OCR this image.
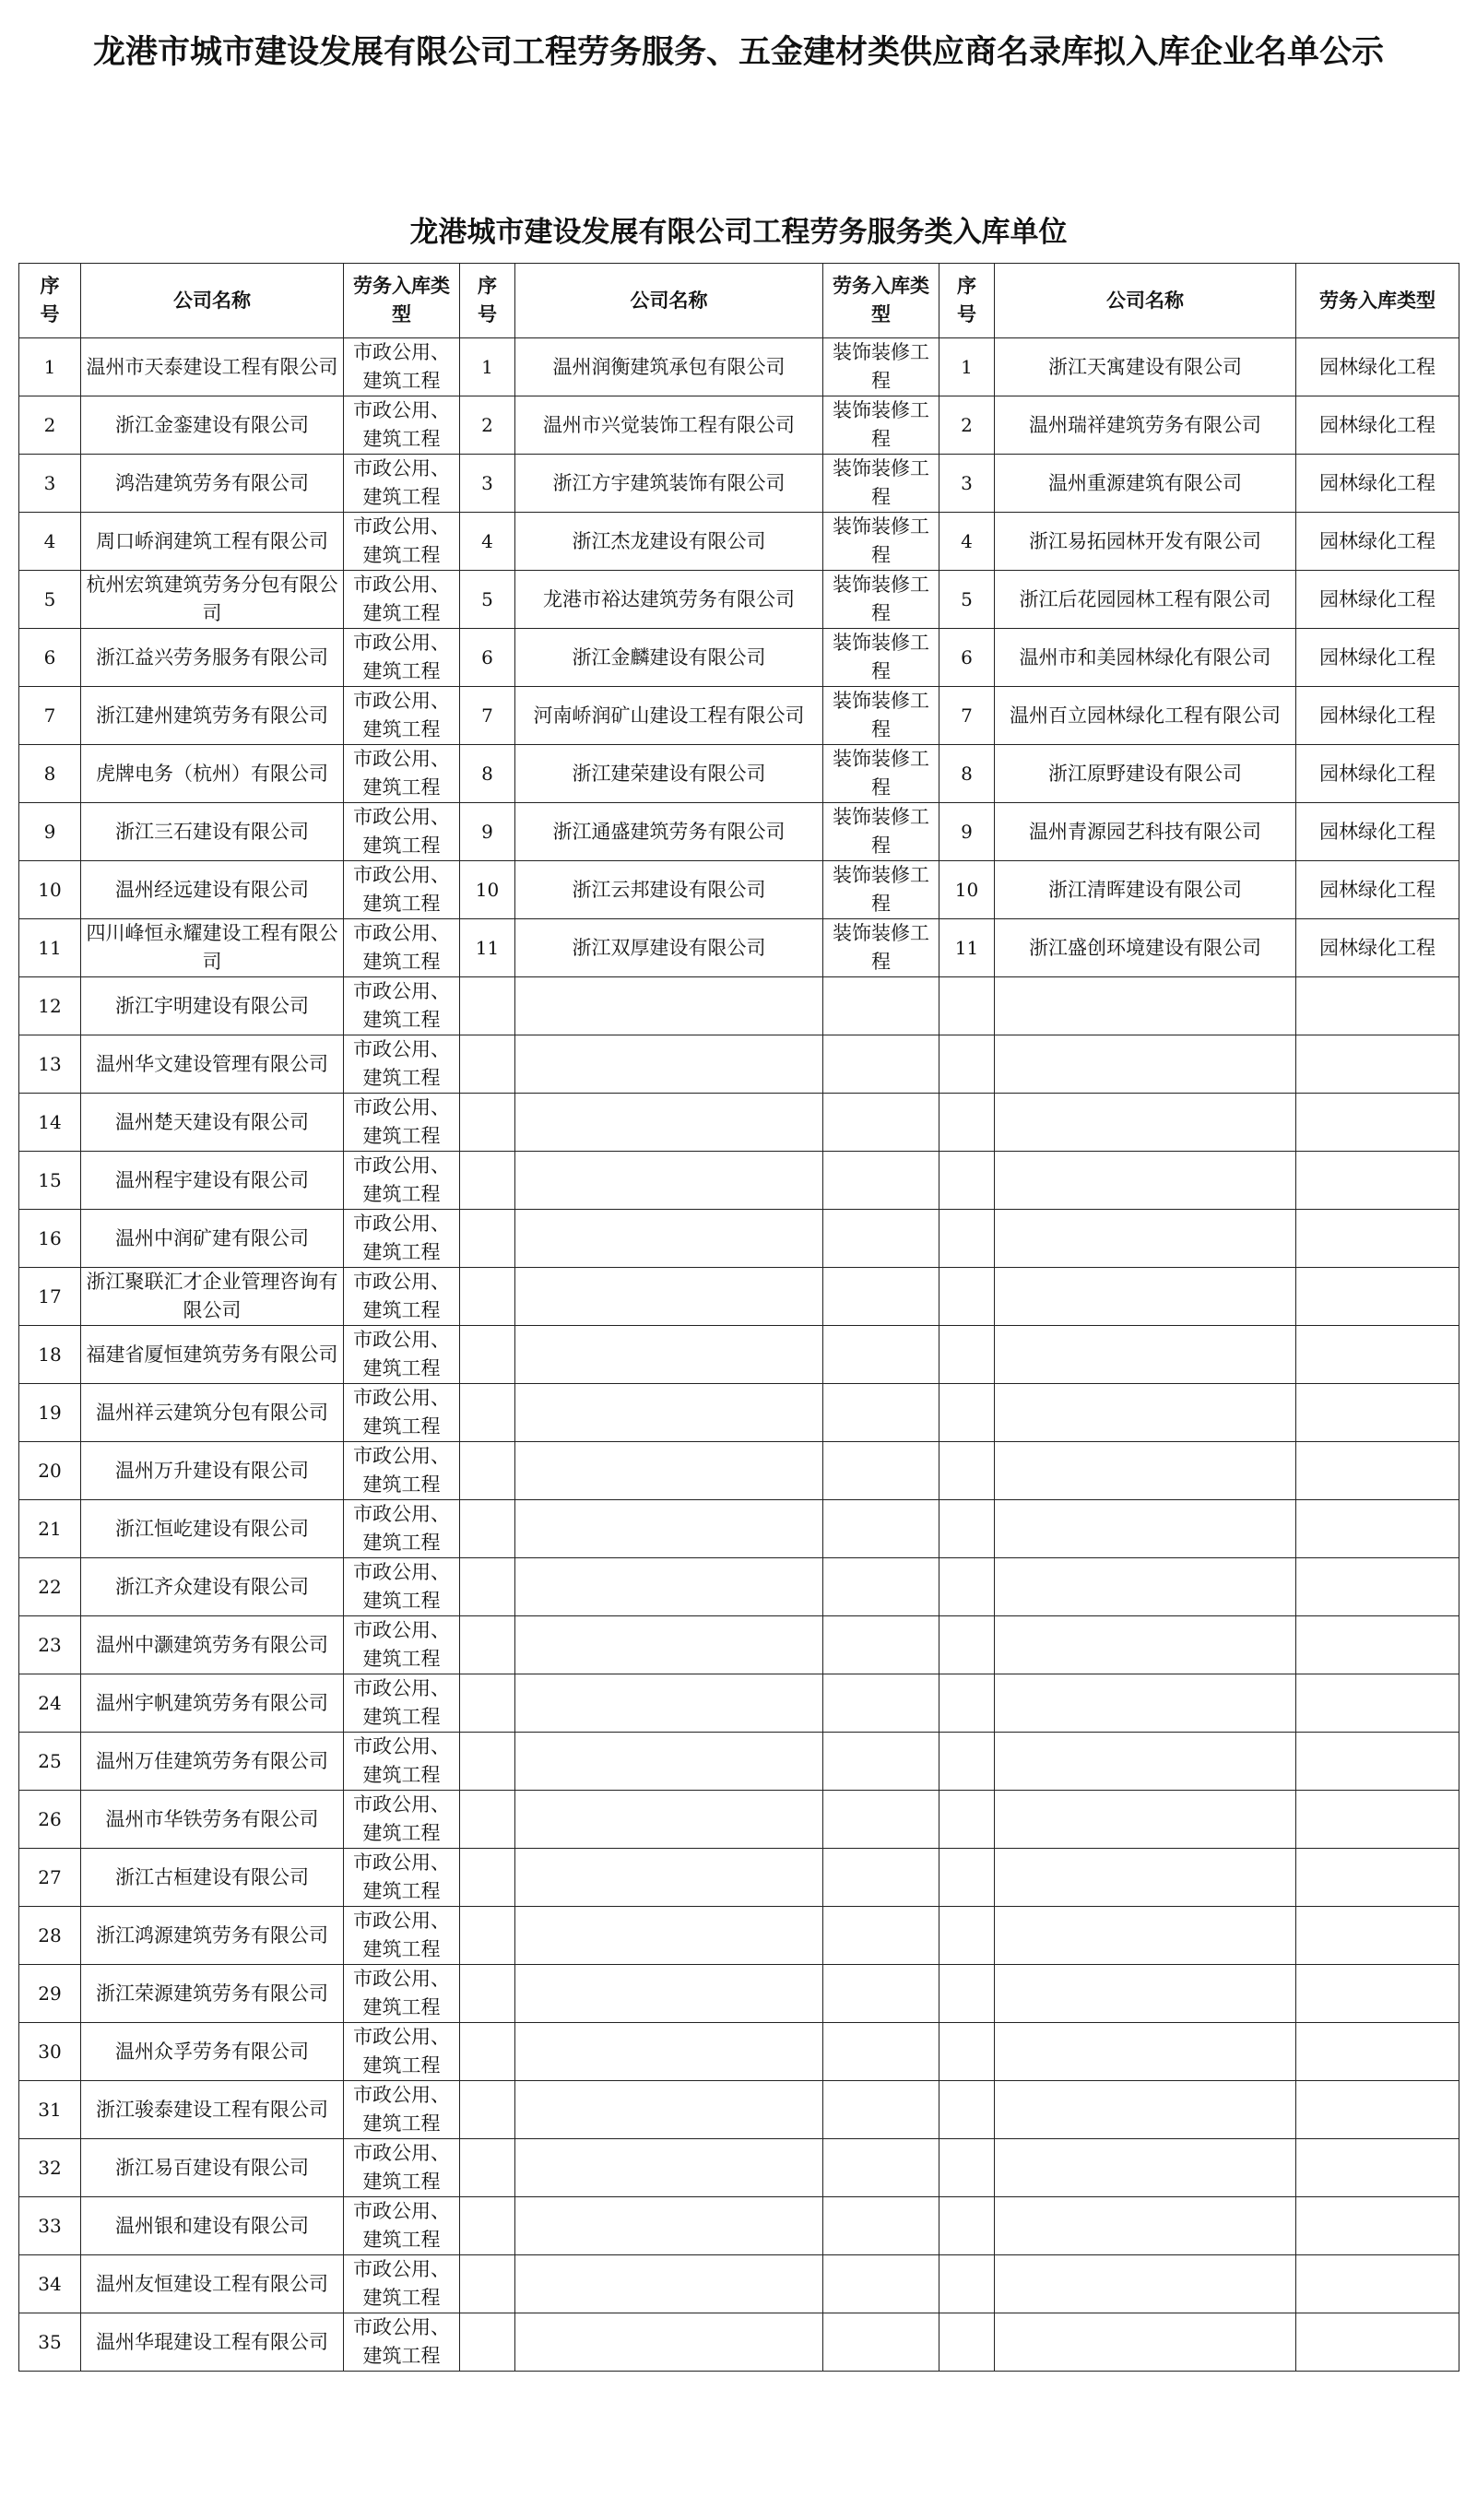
龙港市城市建设发展有限公司工程劳务服务、五金建材类供应商名录库拟入库企业名单公示
龙港城市建设发展有限公司工程劳务服务类入库单位
序号	公司名称	劳务入库类型	序号	公司名称	劳务入库类型	序号	公司名称	劳务入库类型
1	温州市天泰建设工程有限公司	市政公用、建筑工程	1	温州润衡建筑承包有限公司	装饰装修工程	1	浙江天寓建设有限公司	园林绿化工程
2	浙江金銮建设有限公司	市政公用、建筑工程	2	温州市兴觉装饰工程有限公司	装饰装修工程	2	温州瑞祥建筑劳务有限公司	园林绿化工程
3	鸿浩建筑劳务有限公司	市政公用、建筑工程	3	浙江方宇建筑装饰有限公司	装饰装修工程	3	温州重源建筑有限公司	园林绿化工程
4	周口峤润建筑工程有限公司	市政公用、建筑工程	4	浙江杰龙建设有限公司	装饰装修工程	4	浙江易拓园林开发有限公司	园林绿化工程
5	杭州宏筑建筑劳务分包有限公司	市政公用、建筑工程	5	龙港市裕达建筑劳务有限公司	装饰装修工程	5	浙江后花园园林工程有限公司	园林绿化工程
6	浙江益兴劳务服务有限公司	市政公用、建筑工程	6	浙江金麟建设有限公司	装饰装修工程	6	温州市和美园林绿化有限公司	园林绿化工程
7	浙江建州建筑劳务有限公司	市政公用、建筑工程	7	河南峤润矿山建设工程有限公司	装饰装修工程	7	温州百立园林绿化工程有限公司	园林绿化工程
8	虎牌电务（杭州）有限公司	市政公用、建筑工程	8	浙江建荣建设有限公司	装饰装修工程	8	浙江原野建设有限公司	园林绿化工程
9	浙江三石建设有限公司	市政公用、建筑工程	9	浙江通盛建筑劳务有限公司	装饰装修工程	9	温州青源园艺科技有限公司	园林绿化工程
10	温州经远建设有限公司	市政公用、建筑工程	10	浙江云邦建设有限公司	装饰装修工程	10	浙江清晖建设有限公司	园林绿化工程
11	四川峰恒永耀建设工程有限公司	市政公用、建筑工程	11	浙江双厚建设有限公司	装饰装修工程	11	浙江盛创环境建设有限公司	园林绿化工程
12	浙江宇明建设有限公司	市政公用、建筑工程						
13	温州华文建设管理有限公司	市政公用、建筑工程						
14	温州楚天建设有限公司	市政公用、建筑工程						
15	温州程宇建设有限公司	市政公用、建筑工程						
16	温州中润矿建有限公司	市政公用、建筑工程						
17	浙江聚联汇才企业管理咨询有限公司	市政公用、建筑工程						
18	福建省厦恒建筑劳务有限公司	市政公用、建筑工程						
19	温州祥云建筑分包有限公司	市政公用、建筑工程						
20	温州万升建设有限公司	市政公用、建筑工程						
21	浙江恒屹建设有限公司	市政公用、建筑工程						
22	浙江齐众建设有限公司	市政公用、建筑工程						
23	温州中灏建筑劳务有限公司	市政公用、建筑工程						
24	温州宇帆建筑劳务有限公司	市政公用、建筑工程						
25	温州万佳建筑劳务有限公司	市政公用、建筑工程						
26	温州市华铁劳务有限公司	市政公用、建筑工程						
27	浙江古桓建设有限公司	市政公用、建筑工程						
28	浙江鸿源建筑劳务有限公司	市政公用、建筑工程						
29	浙江荣源建筑劳务有限公司	市政公用、建筑工程						
30	温州众孚劳务有限公司	市政公用、建筑工程						
31	浙江骏泰建设工程有限公司	市政公用、建筑工程						
32	浙江易百建设有限公司	市政公用、建筑工程						
33	温州银和建设有限公司	市政公用、建筑工程						
34	温州友恒建设工程有限公司	市政公用、建筑工程						
35	温州华琨建设工程有限公司	市政公用、建筑工程						
